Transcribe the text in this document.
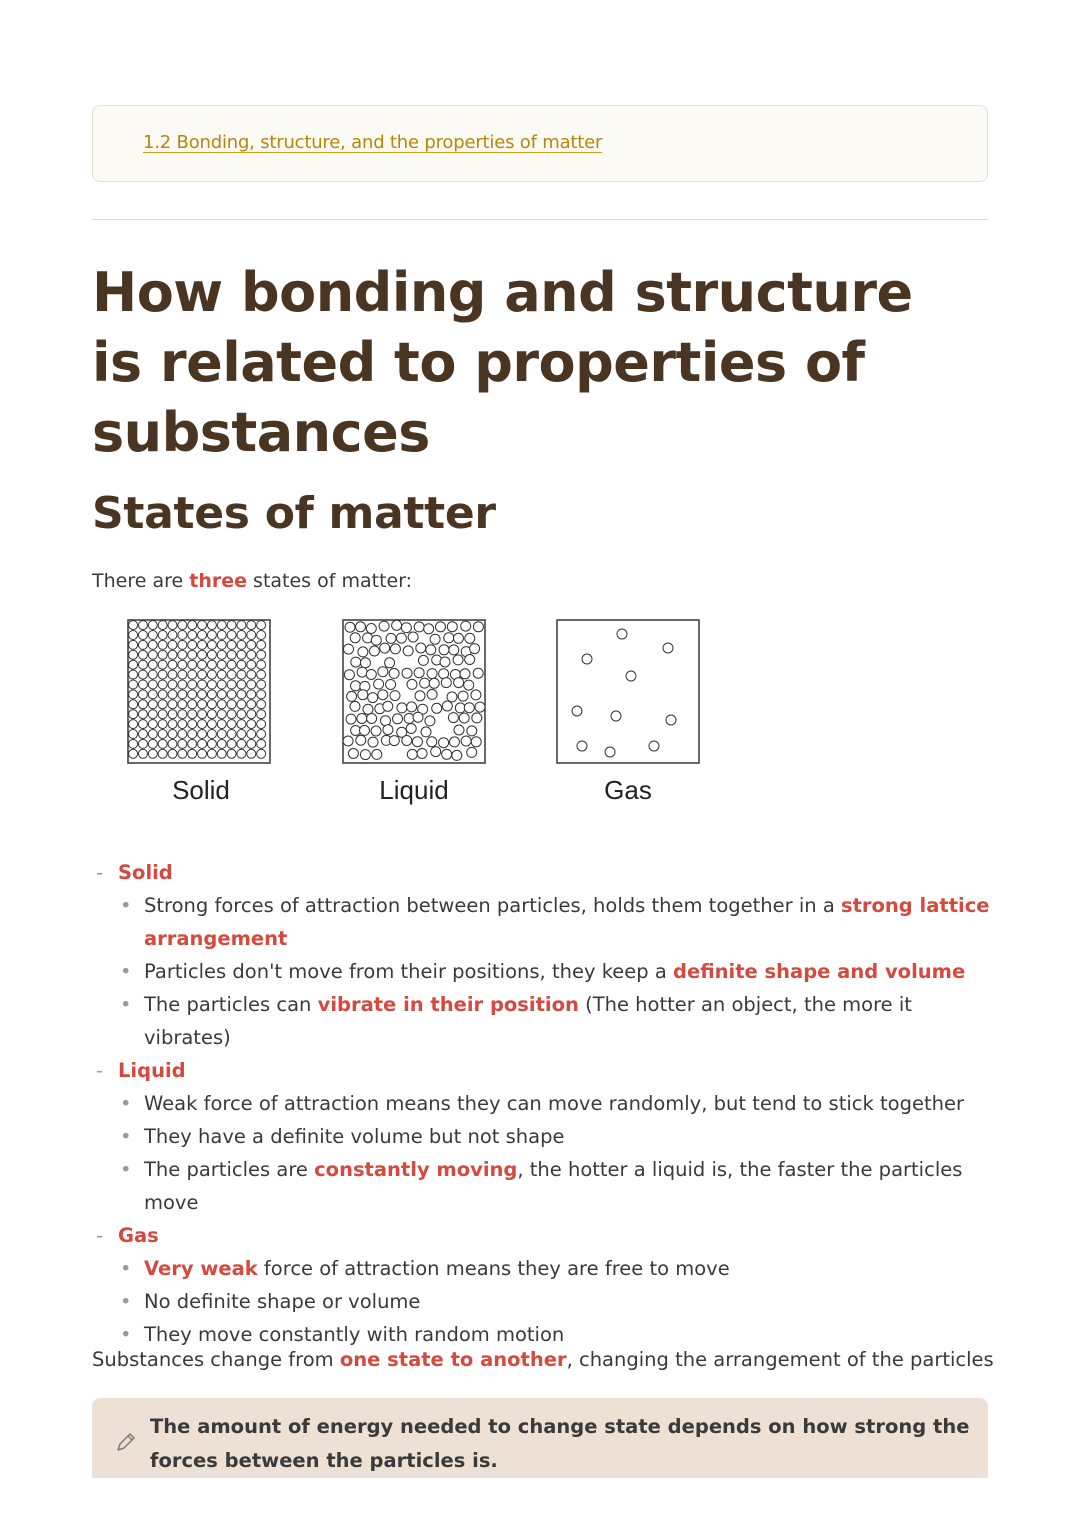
1.2 Bonding, structure, and the properties of matter
How bonding and structure is related to properties of substances
States of matter
There are three states of matter:
Solid	Liquid	Gas
- Solid
• Strong forces of attraction between particles, holds them together in a strong lattice arrangement
• Particles don't move from their positions, they keep a definite shape and volume
• The particles can vibrate in their position (The hotter an object, the more it vibrates)
- Liquid
• Weak force of attraction means they can move randomly, but tend to stick together
• They have a definite volume but not shape
• The particles are constantly moving, the hotter a liquid is, the faster the particles move
- Gas
• Very weak force of attraction means they are free to move
• No definite shape or volume
• They move constantly with random motion
Substances change from one state to another, changing the arrangement of the particles
The amount of energy needed to change state depends on how strong the forces between the particles is.
